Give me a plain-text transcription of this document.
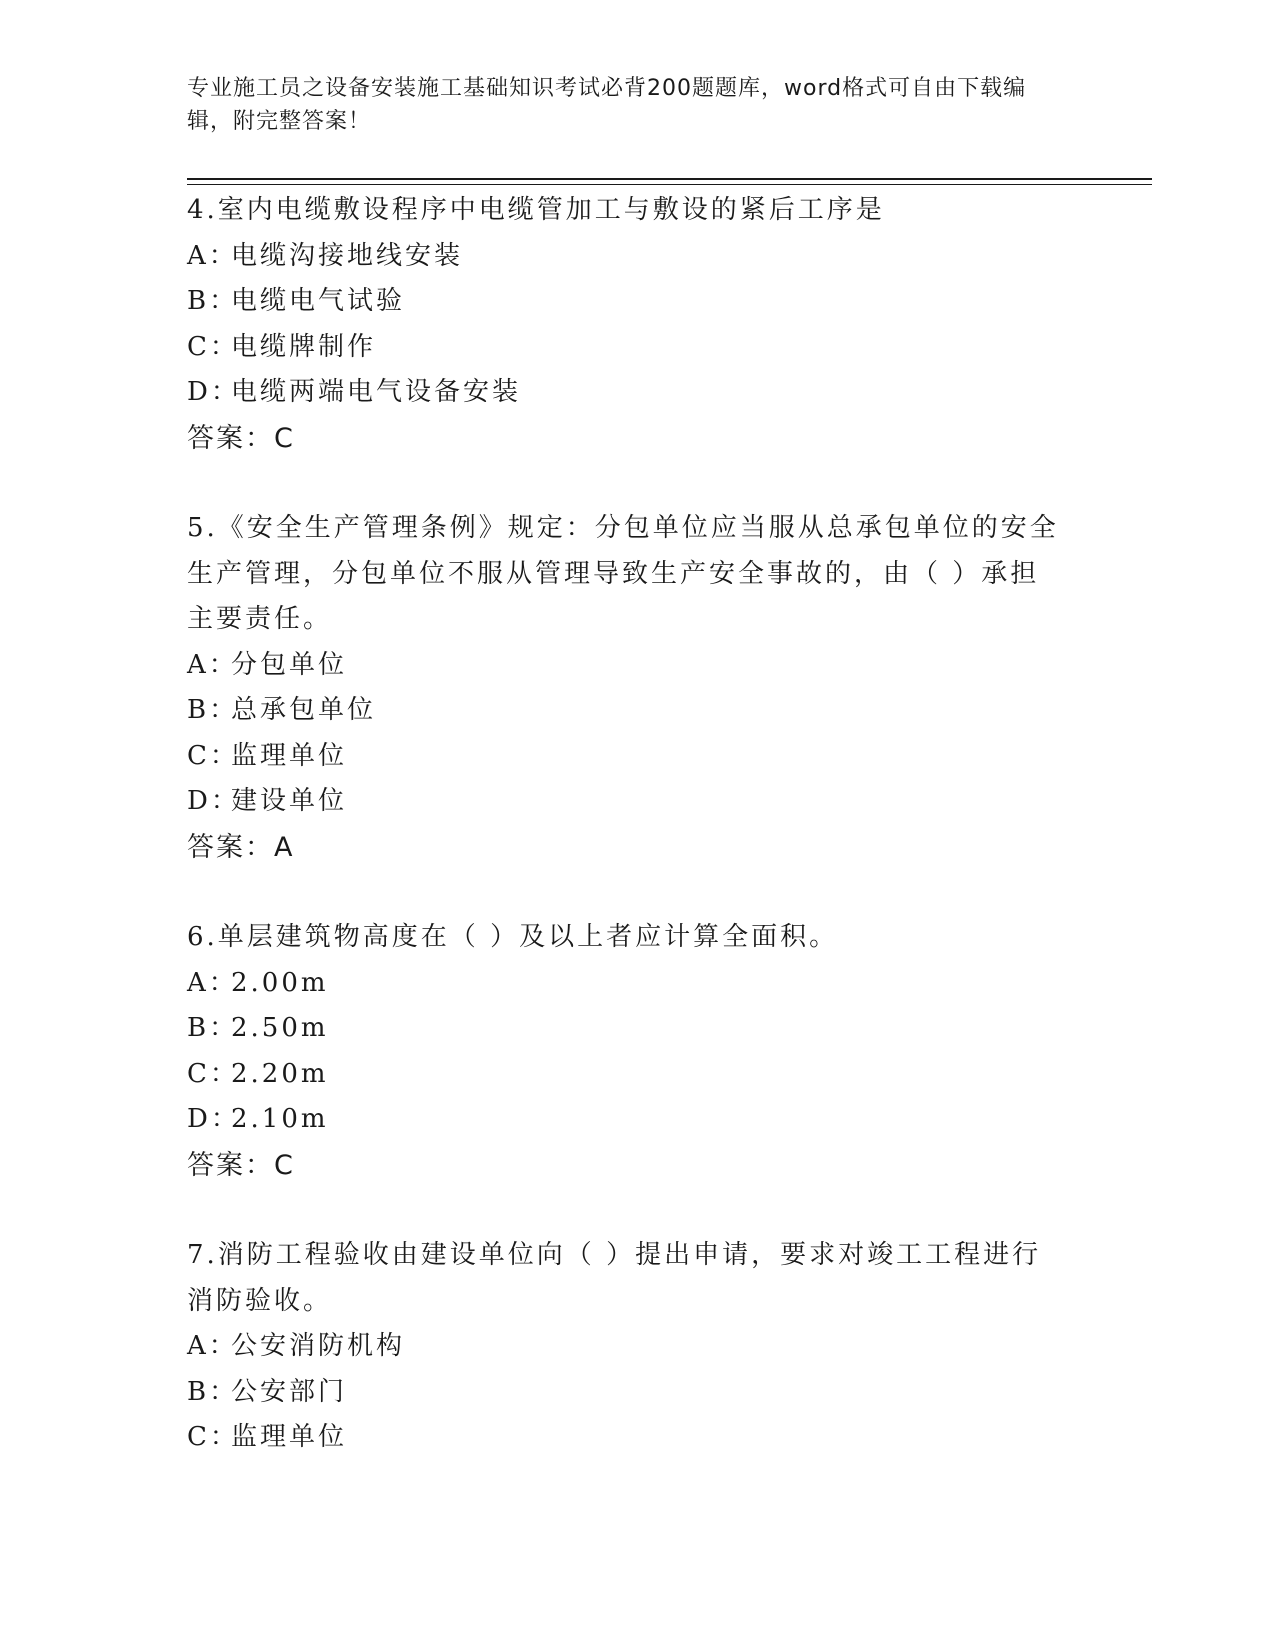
专业施工员之设备安装施工基础知识考试必背200题题库，word格式可自由下载编辑，附完整答案！

4.室内电缆敷设程序中电缆管加工与敷设的紧后工序是

A：电缆沟接地线安装

B：电缆电气试验

C：电缆牌制作

D：电缆两端电气设备安装

答案：C

5.《安全生产管理条例》规定：分包单位应当服从总承包单位的安全生产管理，分包单位不服从管理导致生产安全事故的，由（ ）承担主要责任。

A：分包单位

B：总承包单位

C：监理单位

D：建设单位

答案：A

6.单层建筑物高度在（ ）及以上者应计算全面积。

A：2.00m

B：2.50m

C：2.20m

D：2.10m

答案：C

7.消防工程验收由建设单位向（ ）提出申请，要求对竣工工程进行消防验收。

A：公安消防机构

B：公安部门

C：监理单位
